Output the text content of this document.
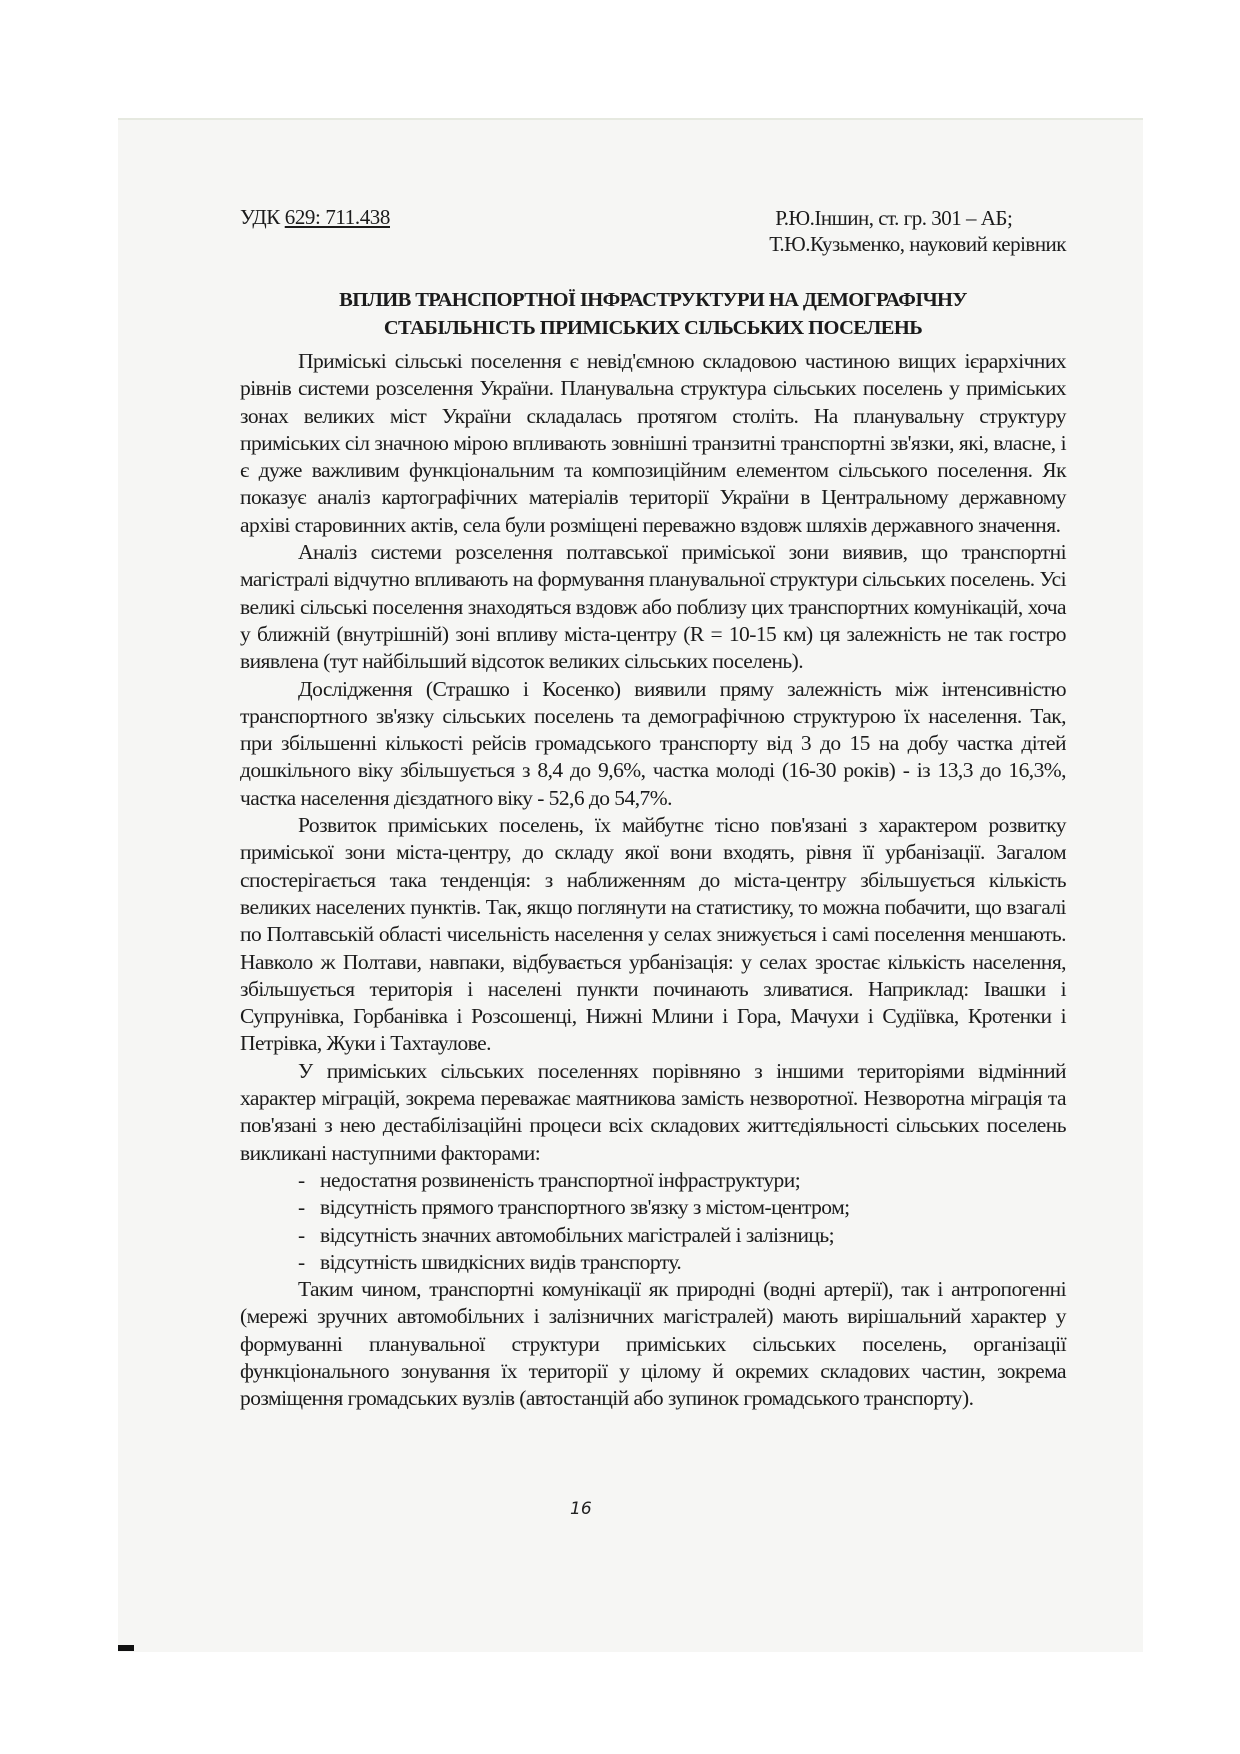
УДК 629: 711.438	Р.Ю.Іншин, ст. гр. 301 – АБ;
Т.Ю.Кузьменко, науковий керівник
ВПЛИВ ТРАНСПОРТНОЇ ІНФРАСТРУКТУРИ НА ДЕМОГРАФІЧНУ
СТАБІЛЬНІСТЬ ПРИМІСЬКИХ СІЛЬСЬКИХ ПОСЕЛЕНЬ

Приміські сільські поселення є невід'ємною складовою частиною вищих ієрархічних рівнів системи розселення України. Планувальна структура сільських поселень у приміських зонах великих міст України складалась протягом століть. На планувальну структуру приміських сіл значною мірою впливають зовнішні транзитні транспортні зв'язки, які, власне, і є дуже важливим функціональним та композиційним елементом сільського поселення. Як показує аналіз картографічних матеріалів території України в Центральному державному архіві старовинних актів, села були розміщені переважно вздовж шляхів державного значення.

Аналіз системи розселення полтавської приміської зони виявив, що транспортні магістралі відчутно впливають на формування планувальної структури сільських поселень. Усі великі сільські поселення знаходяться вздовж або поблизу цих транспортних комунікацій, хоча у ближній (внутрішній) зоні впливу міста-центру (R = 10-15 км) ця залежність не так гостро виявлена (тут найбільший відсоток великих сільських поселень).

Дослідження (Страшко і Косенко) виявили пряму залежність між інтенсивністю транспортного зв'язку сільських поселень та демографічною структурою їх населення. Так, при збільшенні кількості рейсів громадського транспорту від 3 до 15 на добу частка дітей дошкільного віку збільшується з 8,4 до 9,6%, частка молоді (16-30 років) - із 13,3 до 16,3%, частка населення дієздатного віку - 52,6 до 54,7%.

Розвиток приміських поселень, їх майбутнє тісно пов'язані з характером розвитку приміської зони міста-центру, до складу якої вони входять, рівня її урбанізації. Загалом спостерігається така тенденція: з наближенням до міста-центру збільшується кількість великих населених пунктів. Так, якщо поглянути на статистику, то можна побачити, що взагалі по Полтавській області чисельність населення у селах знижується і самі поселення меншають. Навколо ж Полтави, навпаки, відбувається урбанізація: у селах зростає кількість населення, збільшується територія і населені пункти починають зливатися. Наприклад: Івашки і Супрунівка, Горбанівка і Розсошенці, Нижні Млини і Гора, Мачухи і Судіївка, Кротенки і Петрівка, Жуки і Тахтаулове.

У приміських сільських поселеннях порівняно з іншими територіями відмінний характер міграцій, зокрема переважає маятникова замість незворотної. Незворотна міграція та пов'язані з нею дестабілізаційні процеси всіх складових життєдіяльності сільських поселень викликані наступними факторами:

- недостатня розвиненість транспортної інфраструктури;
- відсутність прямого транспортного зв'язку з містом-центром;
- відсутність значних автомобільних магістралей і залізниць;
- відсутність швидкісних видів транспорту.

Таким чином, транспортні комунікації як природні (водні артерії), так і антропогенні (мережі зручних автомобільних і залізничних магістралей) мають вирішальний характер у формуванні планувальної структури приміських сільських поселень, організації функціонального зонування їх території у цілому й окремих складових частин, зокрема розміщення громадських вузлів (автостанцій або зупинок громадського транспорту).

16
